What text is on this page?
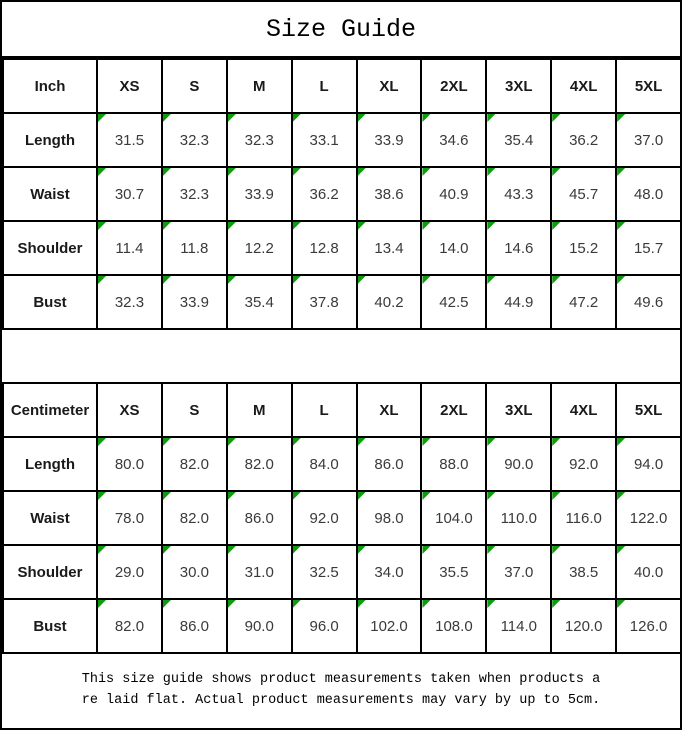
Size Guide
Inch	XS	S	M	L	XL	2XL	3XL	4XL	5XL
Length	31.5	32.3	32.3	33.1	33.9	34.6	35.4	36.2	37.0
Waist	30.7	32.3	33.9	36.2	38.6	40.9	43.3	45.7	48.0
Shoulder	11.4	11.8	12.2	12.8	13.4	14.0	14.6	15.2	15.7
Bust	32.3	33.9	35.4	37.8	40.2	42.5	44.9	47.2	49.6
Centimeter	XS	S	M	L	XL	2XL	3XL	4XL	5XL
Length	80.0	82.0	82.0	84.0	86.0	88.0	90.0	92.0	94.0
Waist	78.0	82.0	86.0	92.0	98.0	104.0	110.0	116.0	122.0
Shoulder	29.0	30.0	31.0	32.5	34.0	35.5	37.0	38.5	40.0
Bust	82.0	86.0	90.0	96.0	102.0	108.0	114.0	120.0	126.0
This size guide shows product measurements taken when products a
re laid flat. Actual product measurements may vary by up to 5cm.
